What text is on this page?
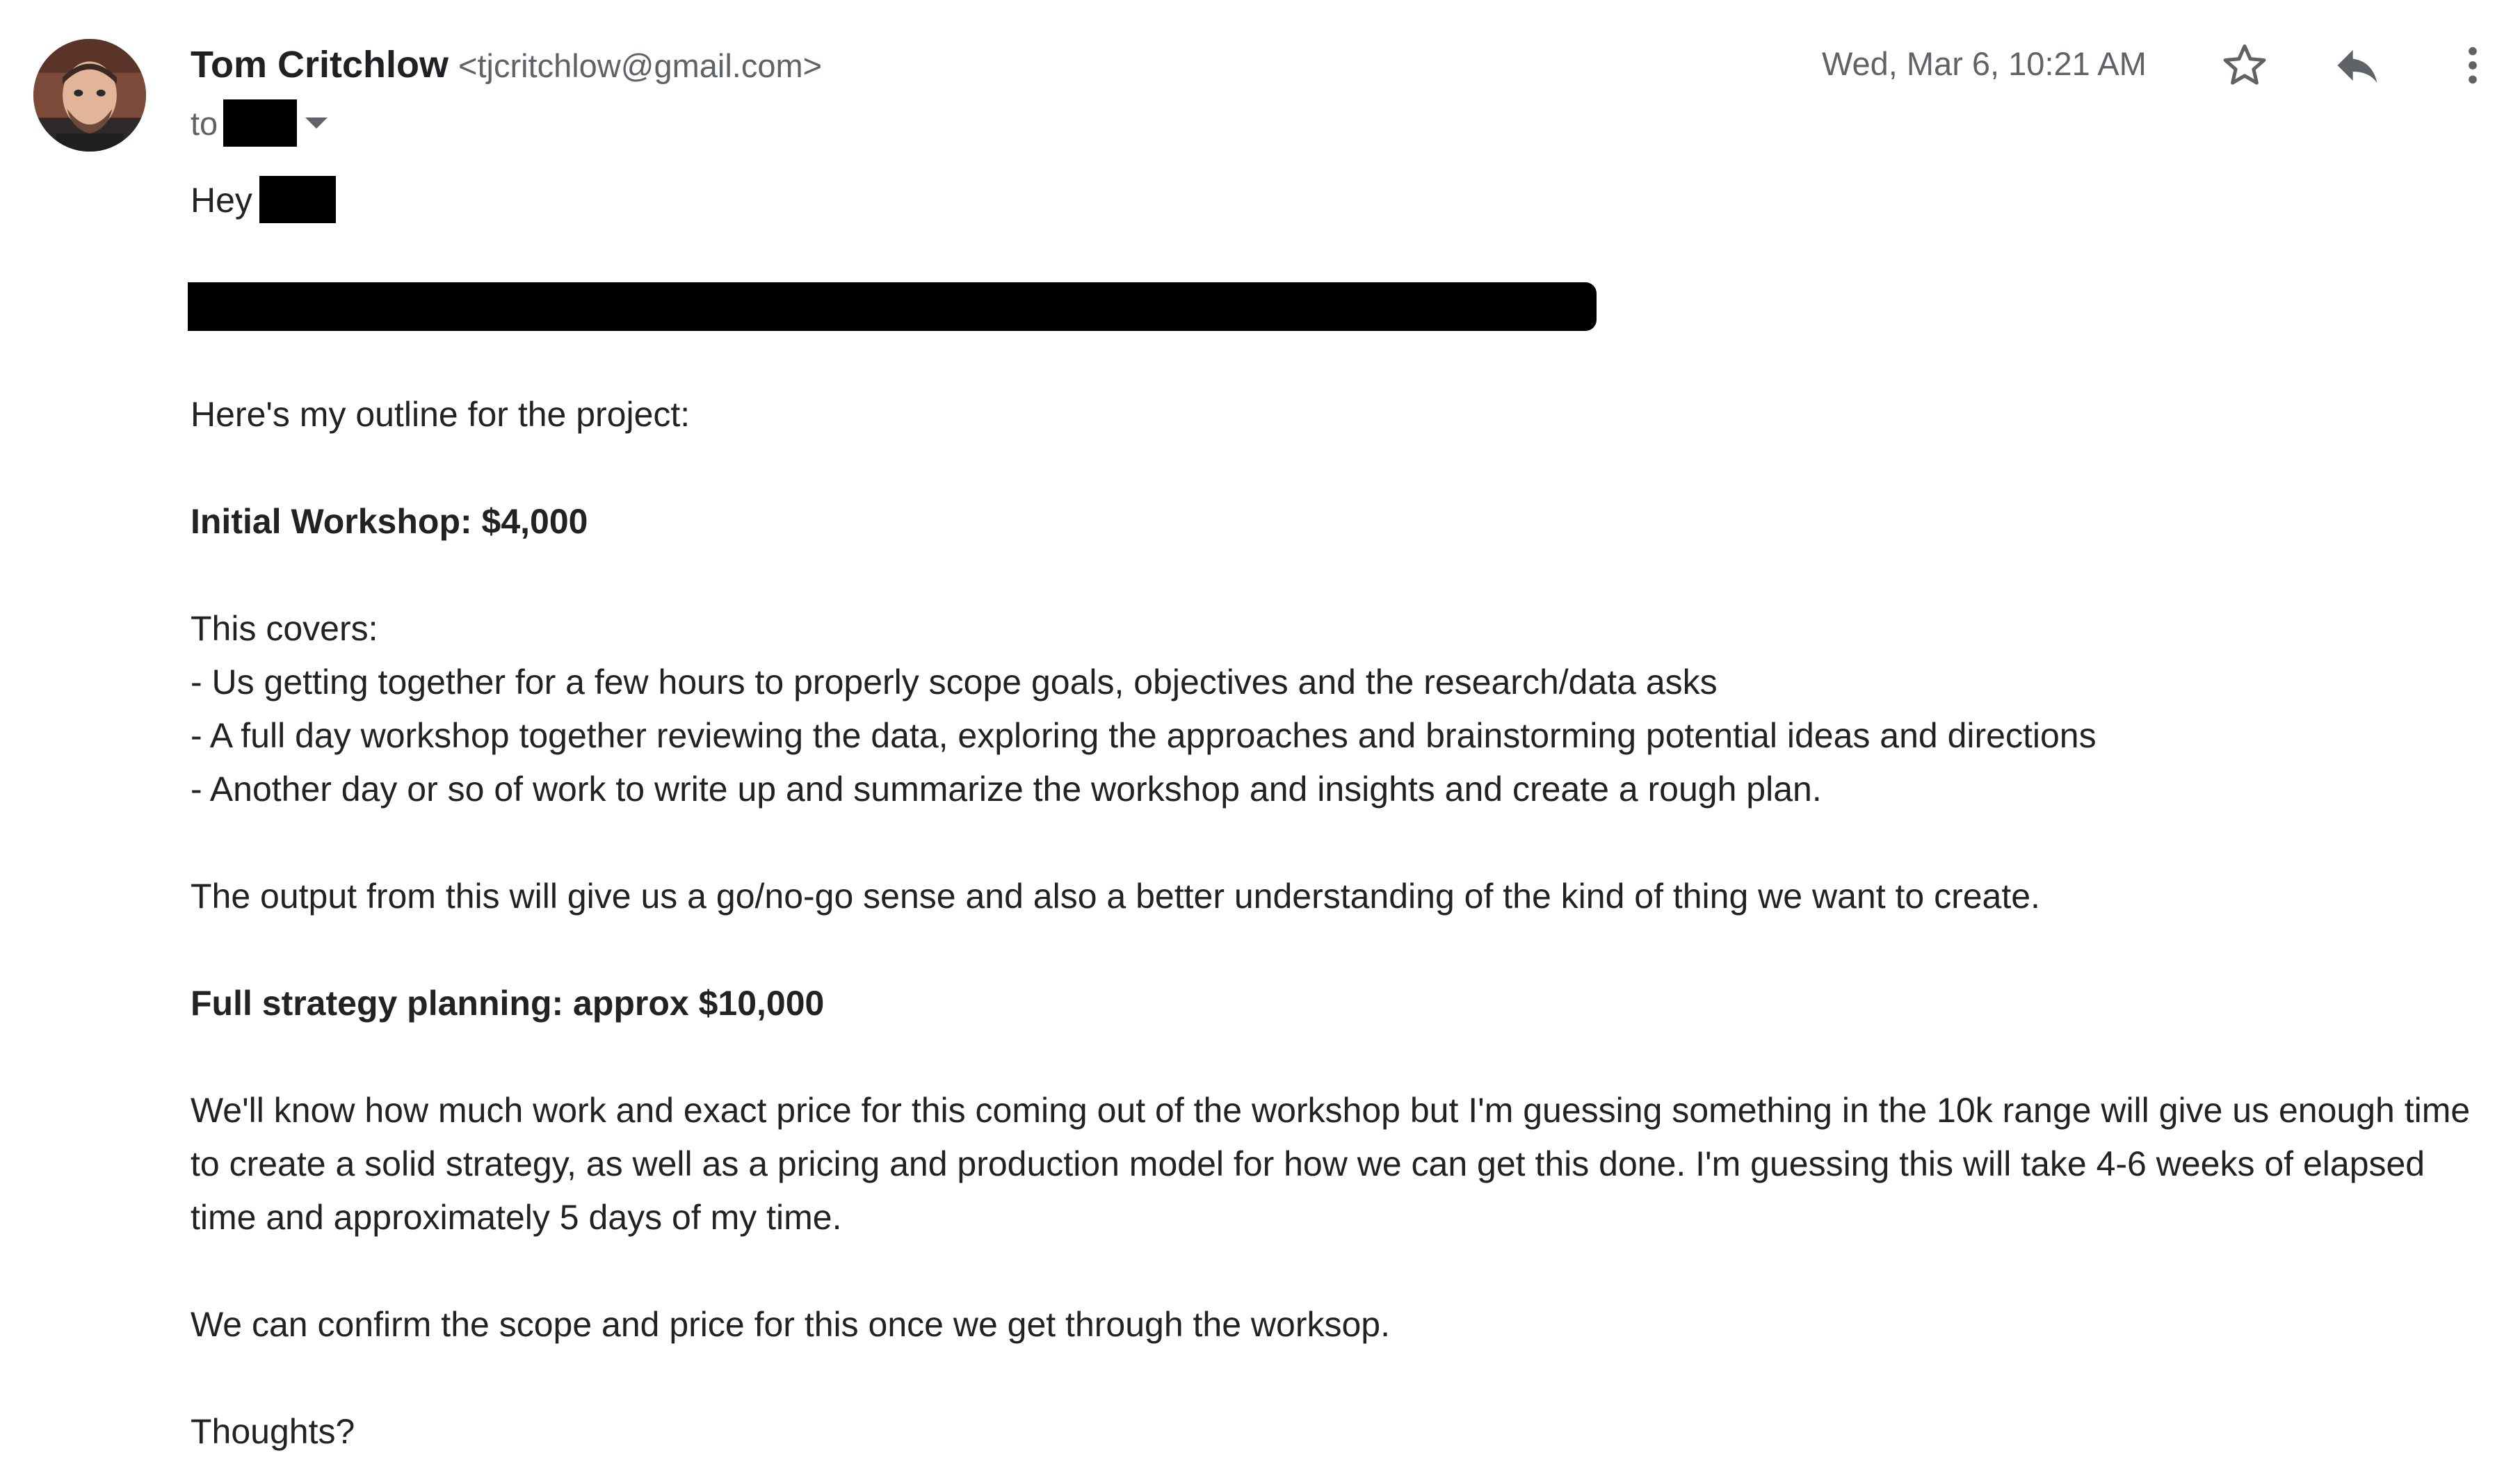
Tom Critchlow <tjcritchlow@gmail.com>
to
Wed, Mar 6, 10:21 AM

Hey

Here's my outline for the project:

Initial Workshop: $4,000

This covers:

- Us getting together for a few hours to properly scope goals, objectives and the research/data asks

- A full day workshop together reviewing the data, exploring the approaches and brainstorming potential ideas and directions

- Another day or so of work to write up and summarize the workshop and insights and create a rough plan.

The output from this will give us a go/no-go sense and also a better understanding of the kind of thing we want to create.

Full strategy planning: approx $10,000

We'll know how much work and exact price for this coming out of the workshop but I'm guessing something in the 10k range will give us enough time to create a solid strategy, as well as a pricing and production model for how we can get this done. I'm guessing this will take 4-6 weeks of elapsed time and approximately 5 days of my time.

We can confirm the scope and price for this once we get through the worksop.

Thoughts?
